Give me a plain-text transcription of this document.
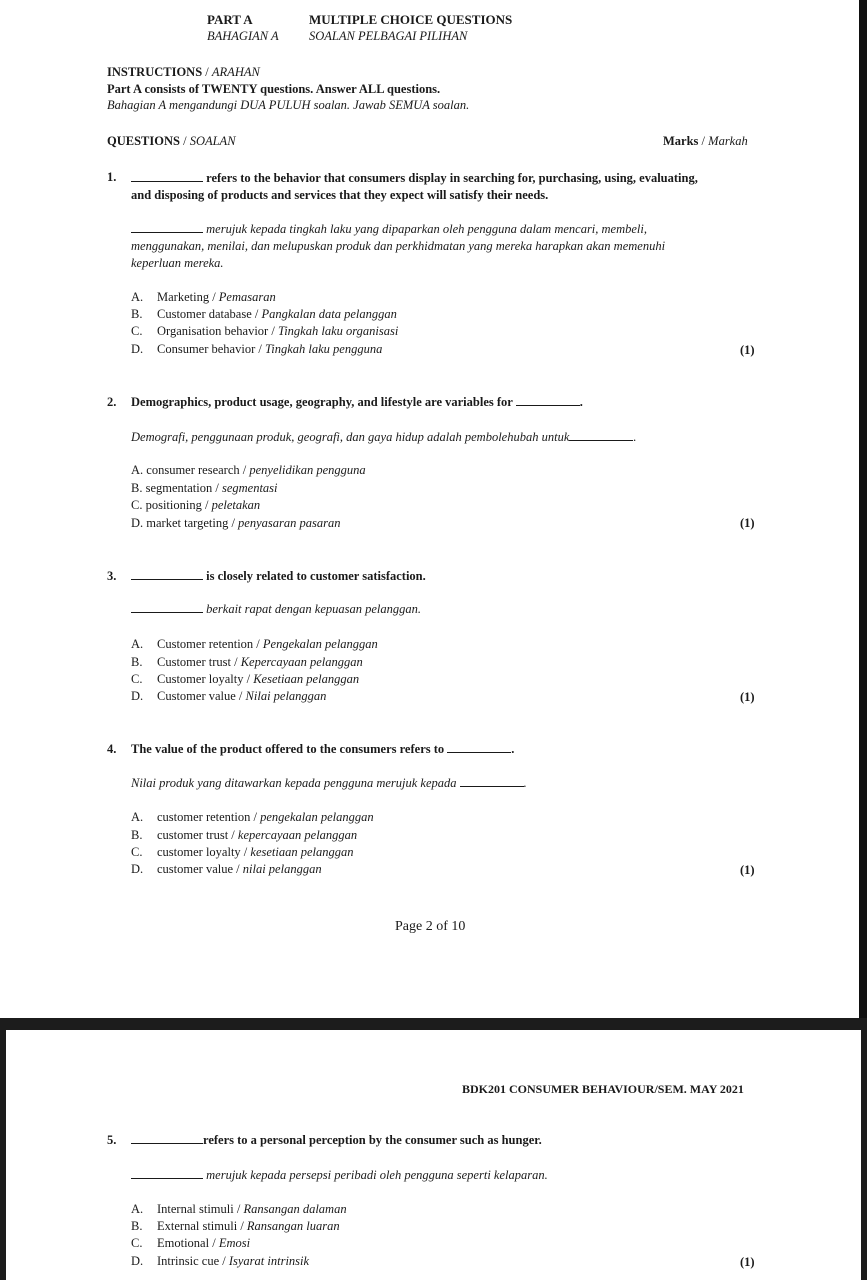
PART A	MULTIPLE CHOICE QUESTIONS
BAHAGIAN A SOALAN PELBAGAI PILIHAN
INSTRUCTIONS / ARAHAN
Part A consists of TWENTY questions. Answer ALL questions.
Bahagian A mengandungi DUA PULUH soalan. Jawab SEMUA soalan.
QUESTIONS / SOALAN	Marks / Markah
1.	refers to the behavior that consumers display in searching for, purchasing, using, evaluating,
and disposing of products and services that they expect will satisfy their needs.
merujuk kepada tingkah laku yang dipaparkan oleh pengguna dalam mencari, membeli,
menggunakan, menilai, dan melupuskan produk dan perkhidmatan yang mereka harapkan akan memenuhi
keperluan mereka.
A. Marketing / Pemasaran
B. Customer database / Pangkalan data pelanggan
C. Organisation behavior / Tingkah laku organisasi
D. Consumer behavior / Tingkah laku pengguna	(1)
2. Demographics, product usage, geography, and lifestyle are variables for	.
Demografi, penggunaan produk, geografi, dan gaya hidup adalah pembolehubah untuk	.
A. consumer research / penyelidikan pengguna
B. segmentation / segmentasi
C. positioning / peletakan
D. market targeting / penyasaran pasaran	(1)
3.	is closely related to customer satisfaction.
berkait rapat dengan kepuasan pelanggan.
A. Customer retention / Pengekalan pelanggan
B. Customer trust / Kepercayaan pelanggan
C. Customer loyalty / Kesetiaan pelanggan
D. Customer value / Nilai pelanggan	(1)
4. The value of the product offered to the consumers refers to	.
Nilai produk yang ditawarkan kepada pengguna merujuk kepada	.
A. customer retention / pengekalan pelanggan
B. customer trust / kepercayaan pelanggan
C. customer loyalty / kesetiaan pelanggan
D. customer value / nilai pelanggan	(1)
Page 2 of 10
BDK201 CONSUMER BEHAVIOUR/SEM. MAY 2021
5.	refers to a personal perception by the consumer such as hunger.
merujuk kepada persepsi peribadi oleh pengguna seperti kelaparan.
A. Internal stimuli / Ransangan dalaman
B. External stimuli / Ransangan luaran
C. Emotional / Emosi
D. Intrinsic cue / Isyarat intrinsik	(1)
